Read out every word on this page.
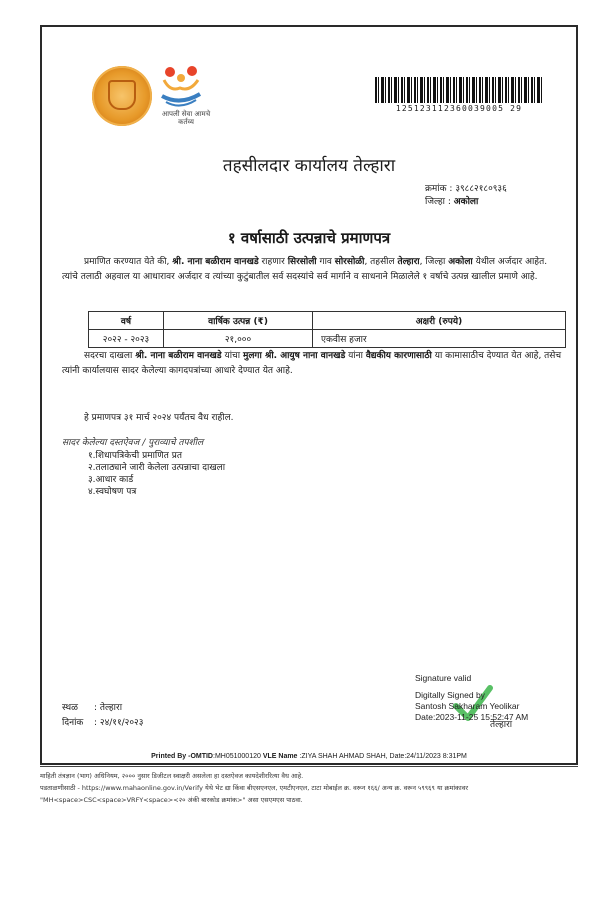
आपली सेवा आमचे कर्तव्य
125123112360039005 29
तहसीलदार कार्यालय तेल्हारा
क्रमांक : ३९८८२१८०९३६
जिल्हा : अकोला
१ वर्षासाठी उत्पन्नाचे प्रमाणपत्र
प्रमाणित करण्यात येते की, श्री. नाना बळीराम वानखडे राहणार सिरसोली गाव सोरसोळी, तहसील तेल्हारा, जिल्हा अकोला येथील अर्जदार आहेत. त्यांचे तलाठी अहवाल या आधारावर अर्जदार व त्यांच्या कुटुंबातील सर्व सदस्यांचे सर्व मार्गाने व साधनाने मिळालेले १ वर्षाचे उत्पन्न खालील प्रमाणे आहे.
वर्ष	वार्षिक उत्पन्न (₹)	अक्षरी (रुपये)
२०२२ - २०२३	२१,०००	एकवीस हजार
सदरचा दाखला श्री. नाना बळीराम वानखडे यांचा मुलगा श्री. आयुष नाना वानखडे यांना वैद्यकीय कारणासाठी या कामासाठीच देण्यात येत आहे, तसेच त्यांनी कार्यालयास सादर केलेल्या कागदपत्रांच्या आधारे देण्यात येत आहे.
हे प्रमाणपत्र ३१ मार्च २०२४ पर्यंतच वैध राहील.
सादर केलेल्या दस्तऐवज / पुराव्याचे तपशील
१.शिधापत्रिकेची प्रमाणित प्रत
२.तलाठ्याने जारी केलेला उत्पन्नाचा दाखला
३.आधार कार्ड
४.स्वघोषण पत्र
Signature valid
Digitally Signed by
Santosh Sakharam Yeolikar
Date:2023-11-25 15:52:47 AM
तेल्हारा
स्थळ : तेल्हारा
दिनांक : २४/११/२०२३
Printed By -OMTID:MH051000120 VLE Name :ZIYA SHAH AHMAD SHAH, Date:24/11/2023 8:31PM
माहिती तंत्रज्ञान (भाग) अधिनियम, २००० नुसार डिजीटल स्वाक्षरी असलेला हा दस्तऐवज कायदेशीररित्या वैध आहे.
पडताळणीसाठी - https://www.mahaonline.gov.in/Verify येथे भेट द्या किंवा बीएसएनएल, एमटीएनएल, टाटा मोबाईल क्र. वरून १६६/ अन्य क्र. वरून ५९९६९ या क्रमांकावर
"MH<space>CSC<space>VRFY<space><२० अंकी बारकोड क्रमांक>" असा एसएमएस पाठवा.
